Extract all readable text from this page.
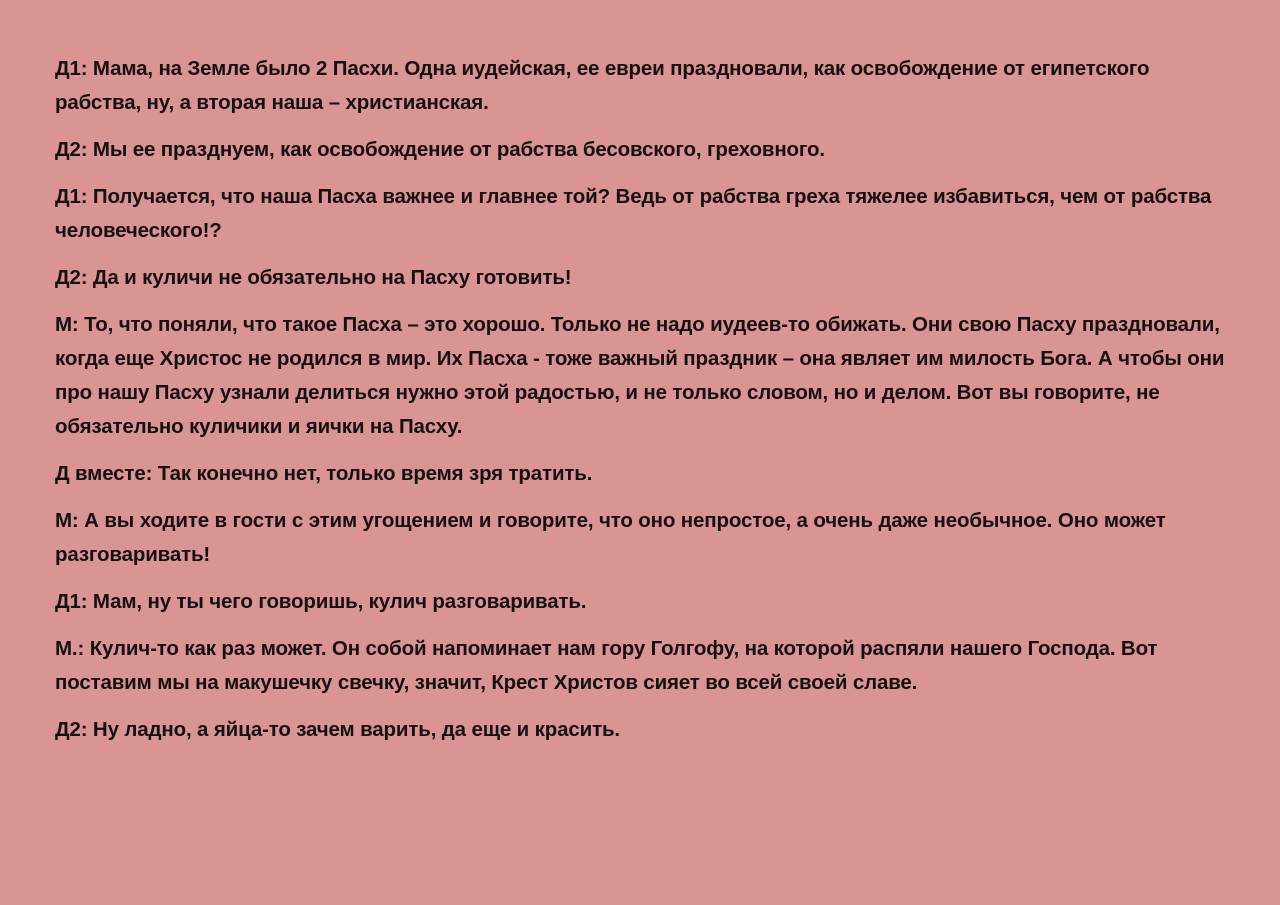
Д1: Мама, на Земле было 2 Пасхи. Одна иудейская, ее евреи праздновали, как освобождение от египетского рабства, ну, а вторая наша – христианская.

Д2: Мы ее празднуем, как освобождение от рабства бесовского, греховного.

Д1: Получается, что наша Пасха важнее и главнее той? Ведь от рабства греха тяжелее избавиться, чем от рабства человеческого!?

Д2: Да и куличи не обязательно на Пасху готовить!

М: То, что поняли, что такое Пасха – это хорошо. Только не надо иудеев-то обижать. Они свою Пасху праздновали, когда еще Христос не родился в мир. Их Пасха - тоже важный праздник – она являет им милость Бога. А чтобы они про нашу Пасху узнали делиться нужно этой радостью, и не только словом, но и делом. Вот вы говорите, не обязательно куличики и яички на Пасху.

Д вместе: Так конечно нет, только время зря тратить.

М: А вы ходите в гости с этим угощением и говорите, что оно непростое, а очень даже необычное. Оно может разговаривать!

Д1: Мам, ну ты чего говоришь, кулич разговаривать.

М.: Кулич-то как раз может. Он собой напоминает нам гору Голгофу, на которой распяли нашего Господа. Вот поставим мы на макушечку свечку, значит, Крест Христов сияет во всей своей славе.

Д2: Ну ладно, а яйца-то зачем варить, да еще и красить.
